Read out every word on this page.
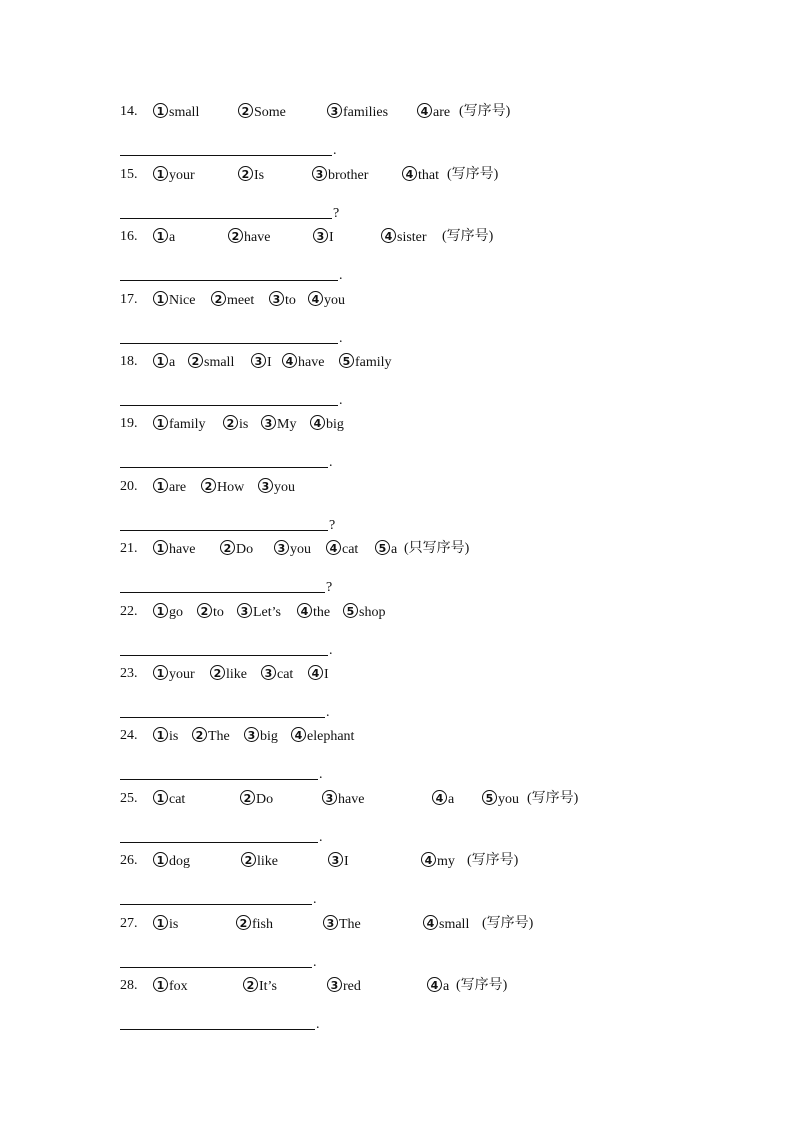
14.	1 small	2 Some	3 families	4 are (写序号)
.
15.	1 your	2 Is	3 brother	4 that (写序号)
?
16.	1 a	2 have	3 I	4 sister (写序号)
.
17.	1 Nice	2 meet	3 to	4 you
.
18.	1 a	2 small	3 I	4 have	5 family
.
19.	1 family	2 is	3 My	4 big
.
20.	1 are	2 How	3 you
?
21.	1 have	2 Do	3 you	4 cat	5 a (只写序号)
?
22.	1 go	2 to	3 Let’s	4 the	5 shop
.
23.	1 your	2 like	3 cat	4 I
.
24.	1 is	2 The	3 big	4 elephant
.
25.	1 cat	2 Do	3 have	4 a	5 you (写序号)
.
26.	1 dog	2 like	3 I	4 my (写序号)
.
27.	1 is	2 fish	3 The	4 small (写序号)
.
28.	1 fox	2 It’s	3 red	4 a (写序号)
.
